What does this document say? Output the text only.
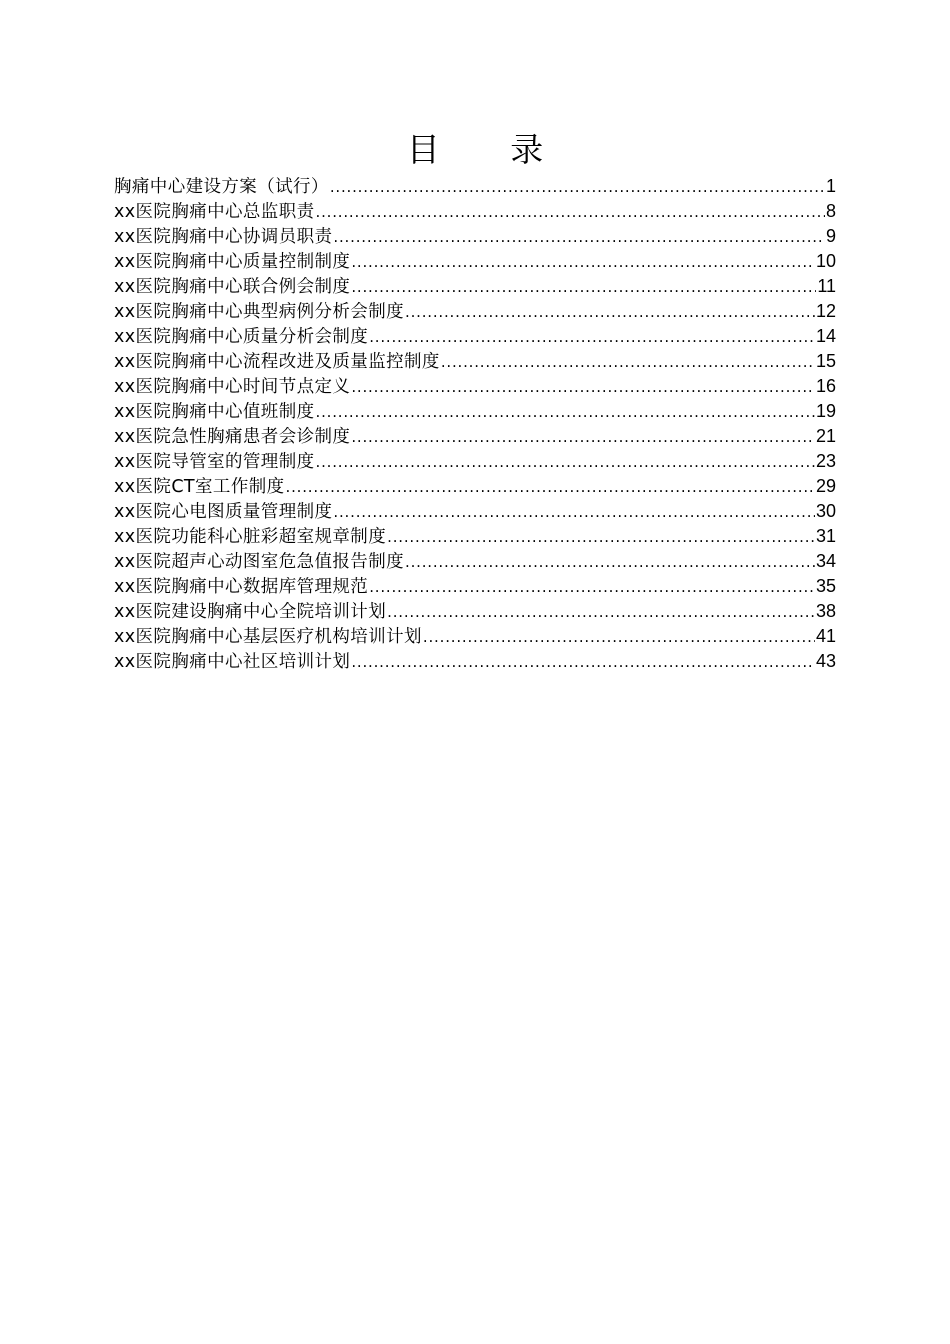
目 录
胸痛中心建设方案（试行） .....	1
xx医院胸痛中心总监职责 .....	8
xx医院胸痛中心协调员职责 .....	9
xx医院胸痛中心质量控制制度 .....	10
xx医院胸痛中心联合例会制度 .....	11
xx医院胸痛中心典型病例分析会制度 .....	12
xx医院胸痛中心质量分析会制度 .....	14
xx医院胸痛中心流程改进及质量监控制度 .....	15
xx医院胸痛中心时间节点定义 .....	16
xx医院胸痛中心值班制度 .....	19
xx医院急性胸痛患者会诊制度 .....	21
xx医院导管室的管理制度 .....	23
xx医院CT室工作制度 .....	29
xx医院心电图质量管理制度 .....	30
xx医院功能科心脏彩超室规章制度 .....	31
xx医院超声心动图室危急值报告制度 .....	34
xx医院胸痛中心数据库管理规范 .....	35
xx医院建设胸痛中心全院培训计划 .....	38
xx医院胸痛中心基层医疗机构培训计划 .....	41
xx医院胸痛中心社区培训计划 .....	43
